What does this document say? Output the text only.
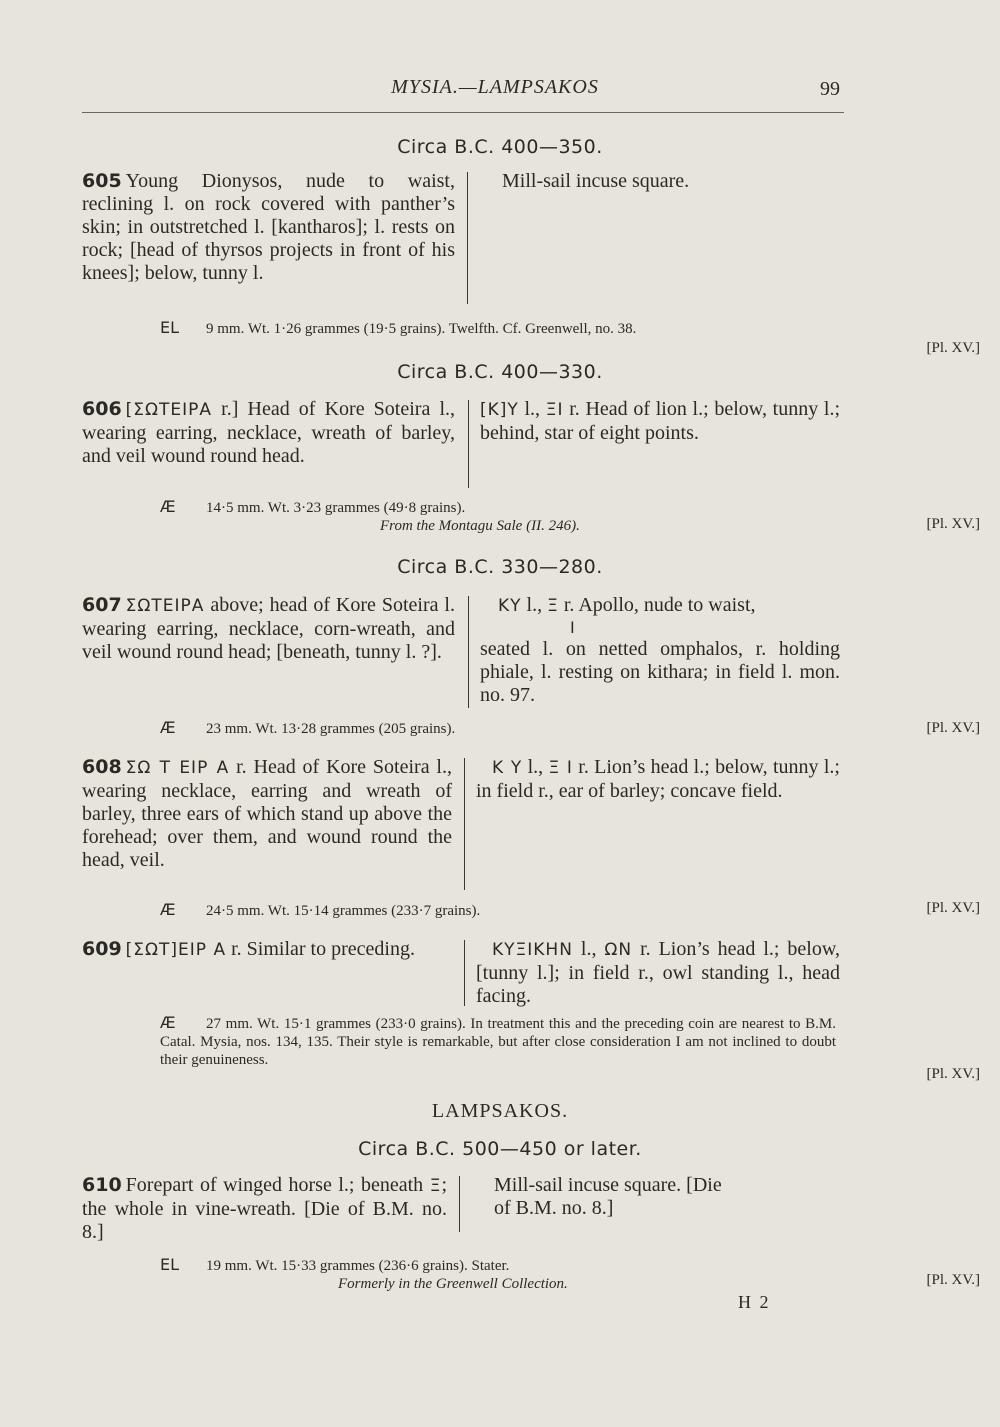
MYSIA.—LAMPSAKOS	99
Circa B.C. 400—350.
605 Young Dionysos, nude to waist, reclining l. on rock covered with panther’s skin; in outstretched l. [kantharos]; l. rests on rock; [head of thyrsos projects in front of his knees]; below, tunny l.
Mill-sail incuse square.
EL 9 mm. Wt. 1·26 grammes (19·5 grains). Twelfth. Cf. Greenwell, no. 38.
[Pl. XV.]
Circa B.C. 400—330.
606 [ΣΩΤΕΙΡΑ r.] Head of Kore Soteira l., wearing earring, necklace, wreath of barley, and veil wound round head.
[Κ]Υ l., ΞΙ r. Head of lion l.; below, tunny l.; behind, star of eight points.
Æ 14·5 mm. Wt. 3·23 grammes (49·8 grains).
From the Montagu Sale (II. 246).	[Pl. XV.]
Circa B.C. 330—280.
607 ΣΩΤΕΙΡΑ above; head of Kore Soteira l. wearing earring, necklace, corn-wreath, and veil wound round head; [beneath, tunny l. ?].
ΚΥ l., Ξ r. Apollo, nude to waist,
Ι
seated l. on netted omphalos, r. holding phiale, l. resting on kithara; in field l. mon. no. 97.
Æ 23 mm. Wt. 13·28 grammes (205 grains).	[Pl. XV.]
608 ΣΩ Τ ΕΙΡ Α r. Head of Kore Soteira l., wearing necklace, earring and wreath of barley, three ears of which stand up above the forehead; over them, and wound round the head, veil.
Κ Υ l., Ξ Ι r. Lion’s head l.; below, tunny l.; in field r., ear of barley; concave field.
Æ 24·5 mm. Wt. 15·14 grammes (233·7 grains).	[Pl. XV.]
609 [ΣΩΤ]ΕΙΡ Α r. Similar to preceding.	ΚΥΞΙΚΗΝ l., ΩΝ r. Lion’s head l.; below, [tunny l.]; in field r., owl standing l., head facing.
Æ 27 mm. Wt. 15·1 grammes (233·0 grains). In treatment this and the preceding coin are nearest to B.M. Catal. Mysia, nos. 134, 135. Their style is remarkable, but after close consideration I am not inclined to doubt their genuineness.
[Pl. XV.]
LAMPSAKOS.
Circa B.C. 500—450 or later.
610 Forepart of winged horse l.; beneath Ξ; the whole in vine-wreath. [Die of B.M. no. 8.]
Mill-sail incuse square. [Die of B.M. no. 8.]
EL 19 mm. Wt. 15·33 grammes (236·6 grains). Stater.
Formerly in the Greenwell Collection.	[Pl. XV.]
H 2
